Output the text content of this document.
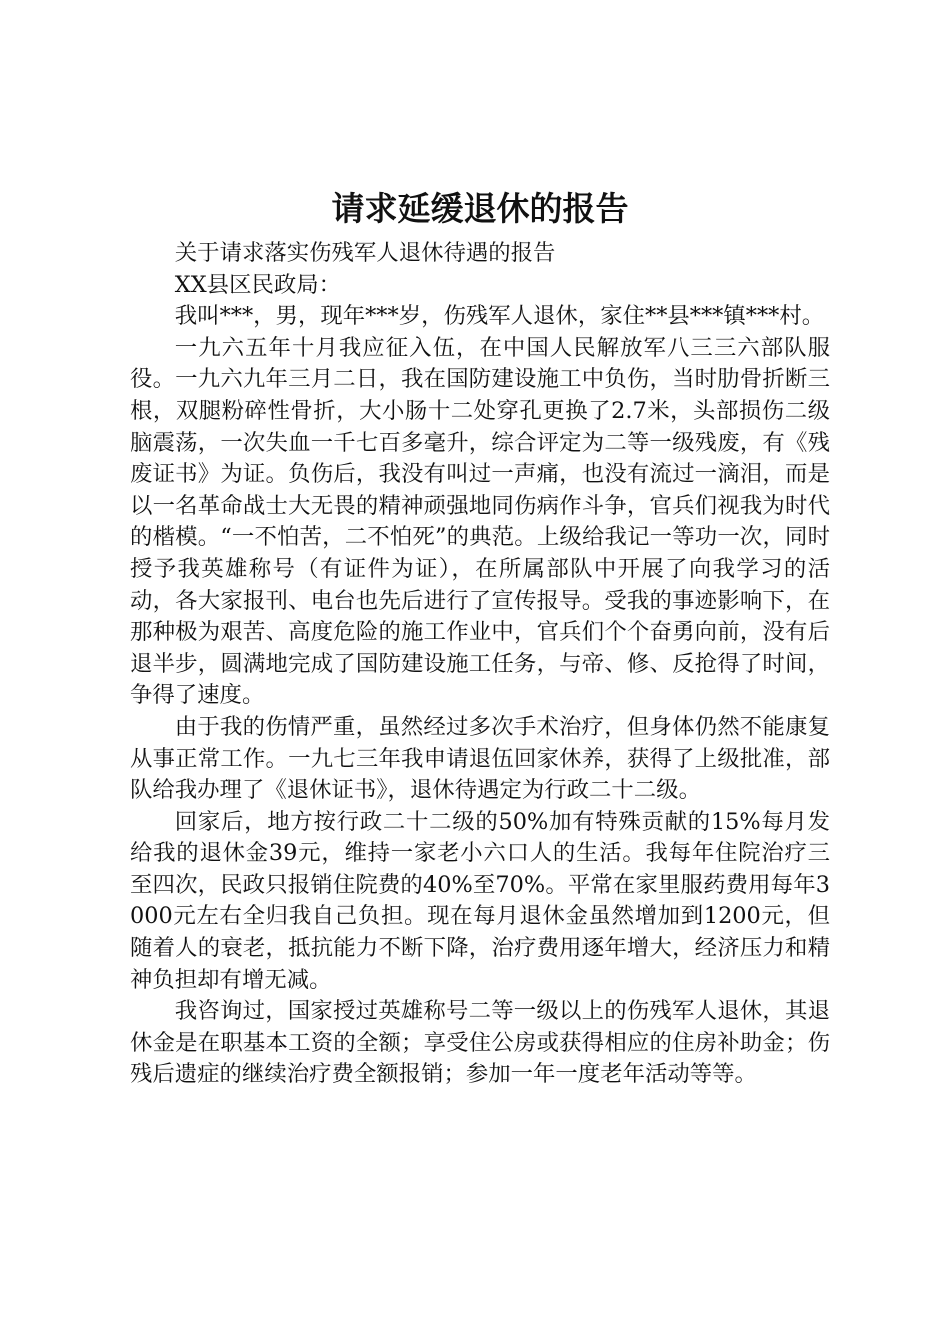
请求延缓退休的报告

关于请求落实伤残军人退休待遇的报告

XX县区民政局：

我叫***，男，现年***岁，伤残军人退休，家住**县***镇***村。

一九六五年十月我应征入伍，在中国人民解放军八三三六部队服役。一九六九年三月二日，我在国防建设施工中负伤，当时肋骨折断三根，双腿粉碎性骨折，大小肠十二处穿孔更换了2.7米，头部损伤二级脑震荡，一次失血一千七百多毫升，综合评定为二等一级残废，有《残废证书》为证。负伤后，我没有叫过一声痛，也没有流过一滴泪，而是以一名革命战士大无畏的精神顽强地同伤病作斗争，官兵们视我为时代的楷模。“一不怕苦，二不怕死”的典范。上级给我记一等功一次，同时授予我英雄称号（有证件为证），在所属部队中开展了向我学习的活动，各大家报刊、电台也先后进行了宣传报导。受我的事迹影响下，在那种极为艰苦、高度危险的施工作业中，官兵们个个奋勇向前，没有后退半步，圆满地完成了国防建设施工任务，与帝、修、反抢得了时间，争得了速度。

由于我的伤情严重，虽然经过多次手术治疗，但身体仍然不能康复从事正常工作。一九七三年我申请退伍回家休养，获得了上级批准，部队给我办理了《退休证书》，退休待遇定为行政二十二级。

回家后，地方按行政二十二级的50%加有特殊贡献的15%每月发给我的退休金39元，维持一家老小六口人的生活。我每年住院治疗三至四次，民政只报销住院费的40%至70%。平常在家里服药费用每年3000元左右全归我自己负担。现在每月退休金虽然增加到1200元，但随着人的衰老，抵抗能力不断下降，治疗费用逐年增大，经济压力和精神负担却有增无减。

我咨询过，国家授过英雄称号二等一级以上的伤残军人退休，其退休金是在职基本工资的全额；享受住公房或获得相应的住房补助金；伤残后遗症的继续治疗费全额报销；参加一年一度老年活动等等。
